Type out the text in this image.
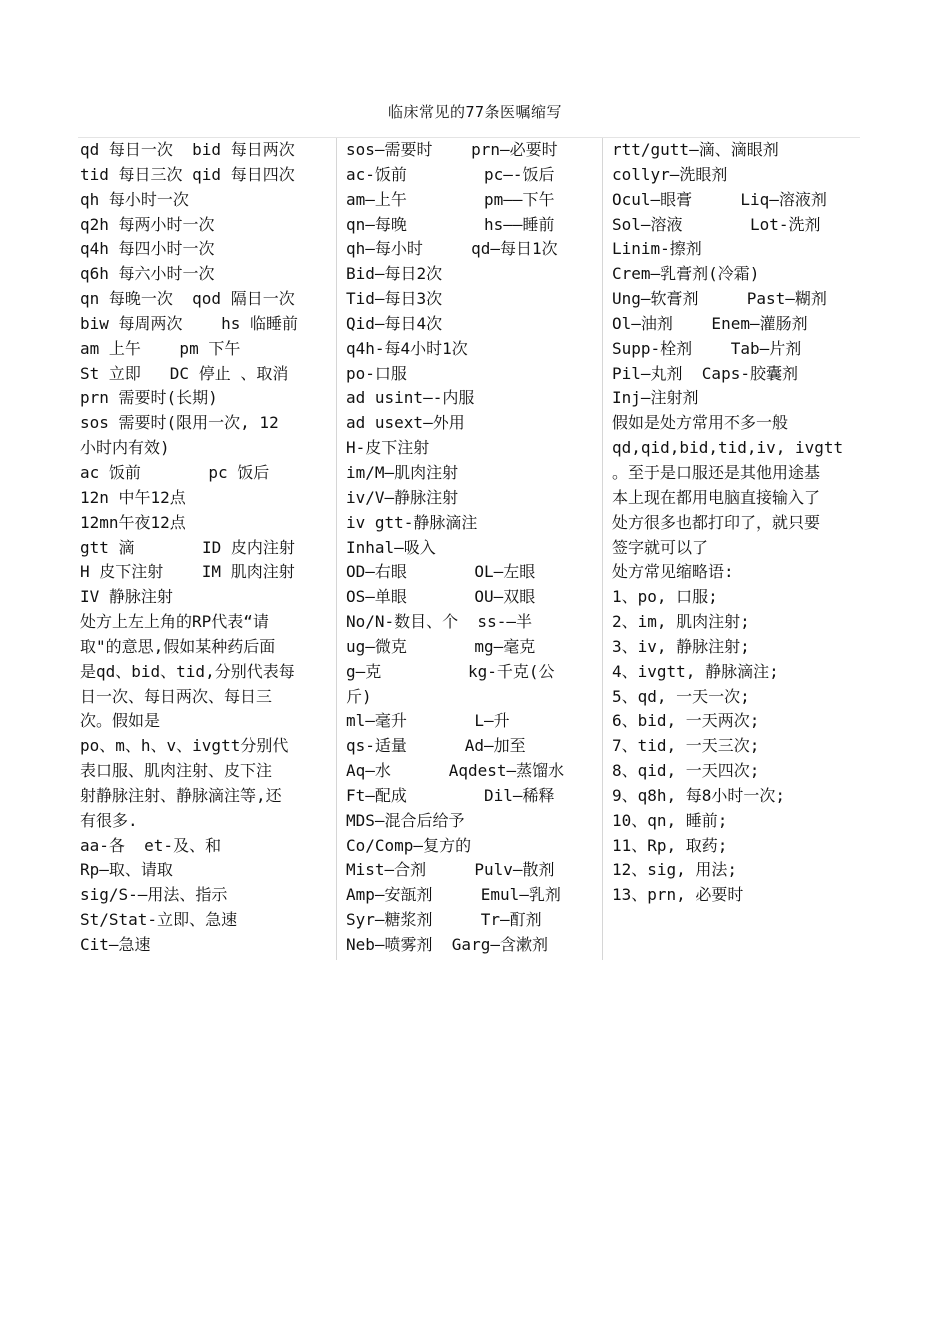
临床常见的77条医嘱缩写
qd 每日一次  bid 每日两次
tid 每日三次 qid 每日四次
qh 每小时一次
q2h 每两小时一次
q4h 每四小时一次
q6h 每六小时一次
qn 每晚一次  qod 隔日一次
biw 每周两次    hs 临睡前
am 上午    pm 下午
St 立即   DC 停止 、取消
prn 需要时(长期)
sos 需要时(限用一次, 12
小时内有效)
ac 饭前       pc 饭后
12n 中午12点
12mn午夜12点
gtt 滴       ID 皮内注射
H 皮下注射    IM 肌肉注射
IV 静脉注射
处方上左上角的RP代表“请
取"的意思,假如某种药后面
是qd、bid、tid,分别代表每
日一次、每日两次、每日三
次。假如是
po、m、h、v、ivgtt分别代
表口服、肌肉注射、皮下注
射静脉注射、静脉滴注等,还
有很多.
aa-各  et-及、和
Rp—取、请取
sig/S-—用法、指示
St/Stat-立即、急速
Cit—急速
sos—需要时    prn—必要时
ac-饭前        pc—-饭后
am—上午        pm——下午
qn—每晚        hs——睡前
qh—每小时     qd—每日1次
Bid—每日2次
Tid—每日3次
Qid—每日4次
q4h-每4小时1次
po-口服
ad usint—-内服
ad usext—外用
H-皮下注射
im/M—肌肉注射
iv/V—静脉注射
iv gtt-静脉滴注
Inhal—吸入
OD—右眼       OL—左眼
OS—单眼       OU—双眼
No/N-数目、个  ss-—半
ug—微克       mg—毫克
g—克         kg-千克(公
斤)
ml—毫升       L—升
qs-适量      Ad—加至
Aq—水      Aqdest—蒸馏水
Ft—配成        Dil—稀释
MDS—混合后给予
Co/Comp—复方的
Mist—合剂     Pulv—散剂
Amp—安瓿剂     Emul—乳剂
Syr—糖浆剂     Tr—酊剂
Neb—喷雾剂  Garg—含漱剂
rtt/gutt—滴、滴眼剂
collyr—洗眼剂
Ocul—眼膏     Liq—溶液剂
Sol—溶液       Lot-洗剂
Linim-擦剂
Crem—乳膏剂(冷霜)
Ung—软膏剂     Past—糊剂
Ol—油剂    Enem—灌肠剂
Supp-栓剂    Tab—片剂
Pil—丸剂  Caps-胶囊剂
Inj—注射剂
假如是处方常用不多一般
qd,qid,bid,tid,iv, ivgtt
。至于是口服还是其他用途基
本上现在都用电脑直接输入了
处方很多也都打印了，就只要
签字就可以了
处方常见缩略语:
1、po, 口服;
2、im, 肌肉注射;
3、iv, 静脉注射;
4、ivgtt, 静脉滴注;
5、qd, 一天一次;
6、bid, 一天两次;
7、tid, 一天三次;
8、qid, 一天四次;
9、q8h, 每8小时一次;
10、qn, 睡前;
11、Rp, 取药;
12、sig, 用法;
13、prn, 必要时
